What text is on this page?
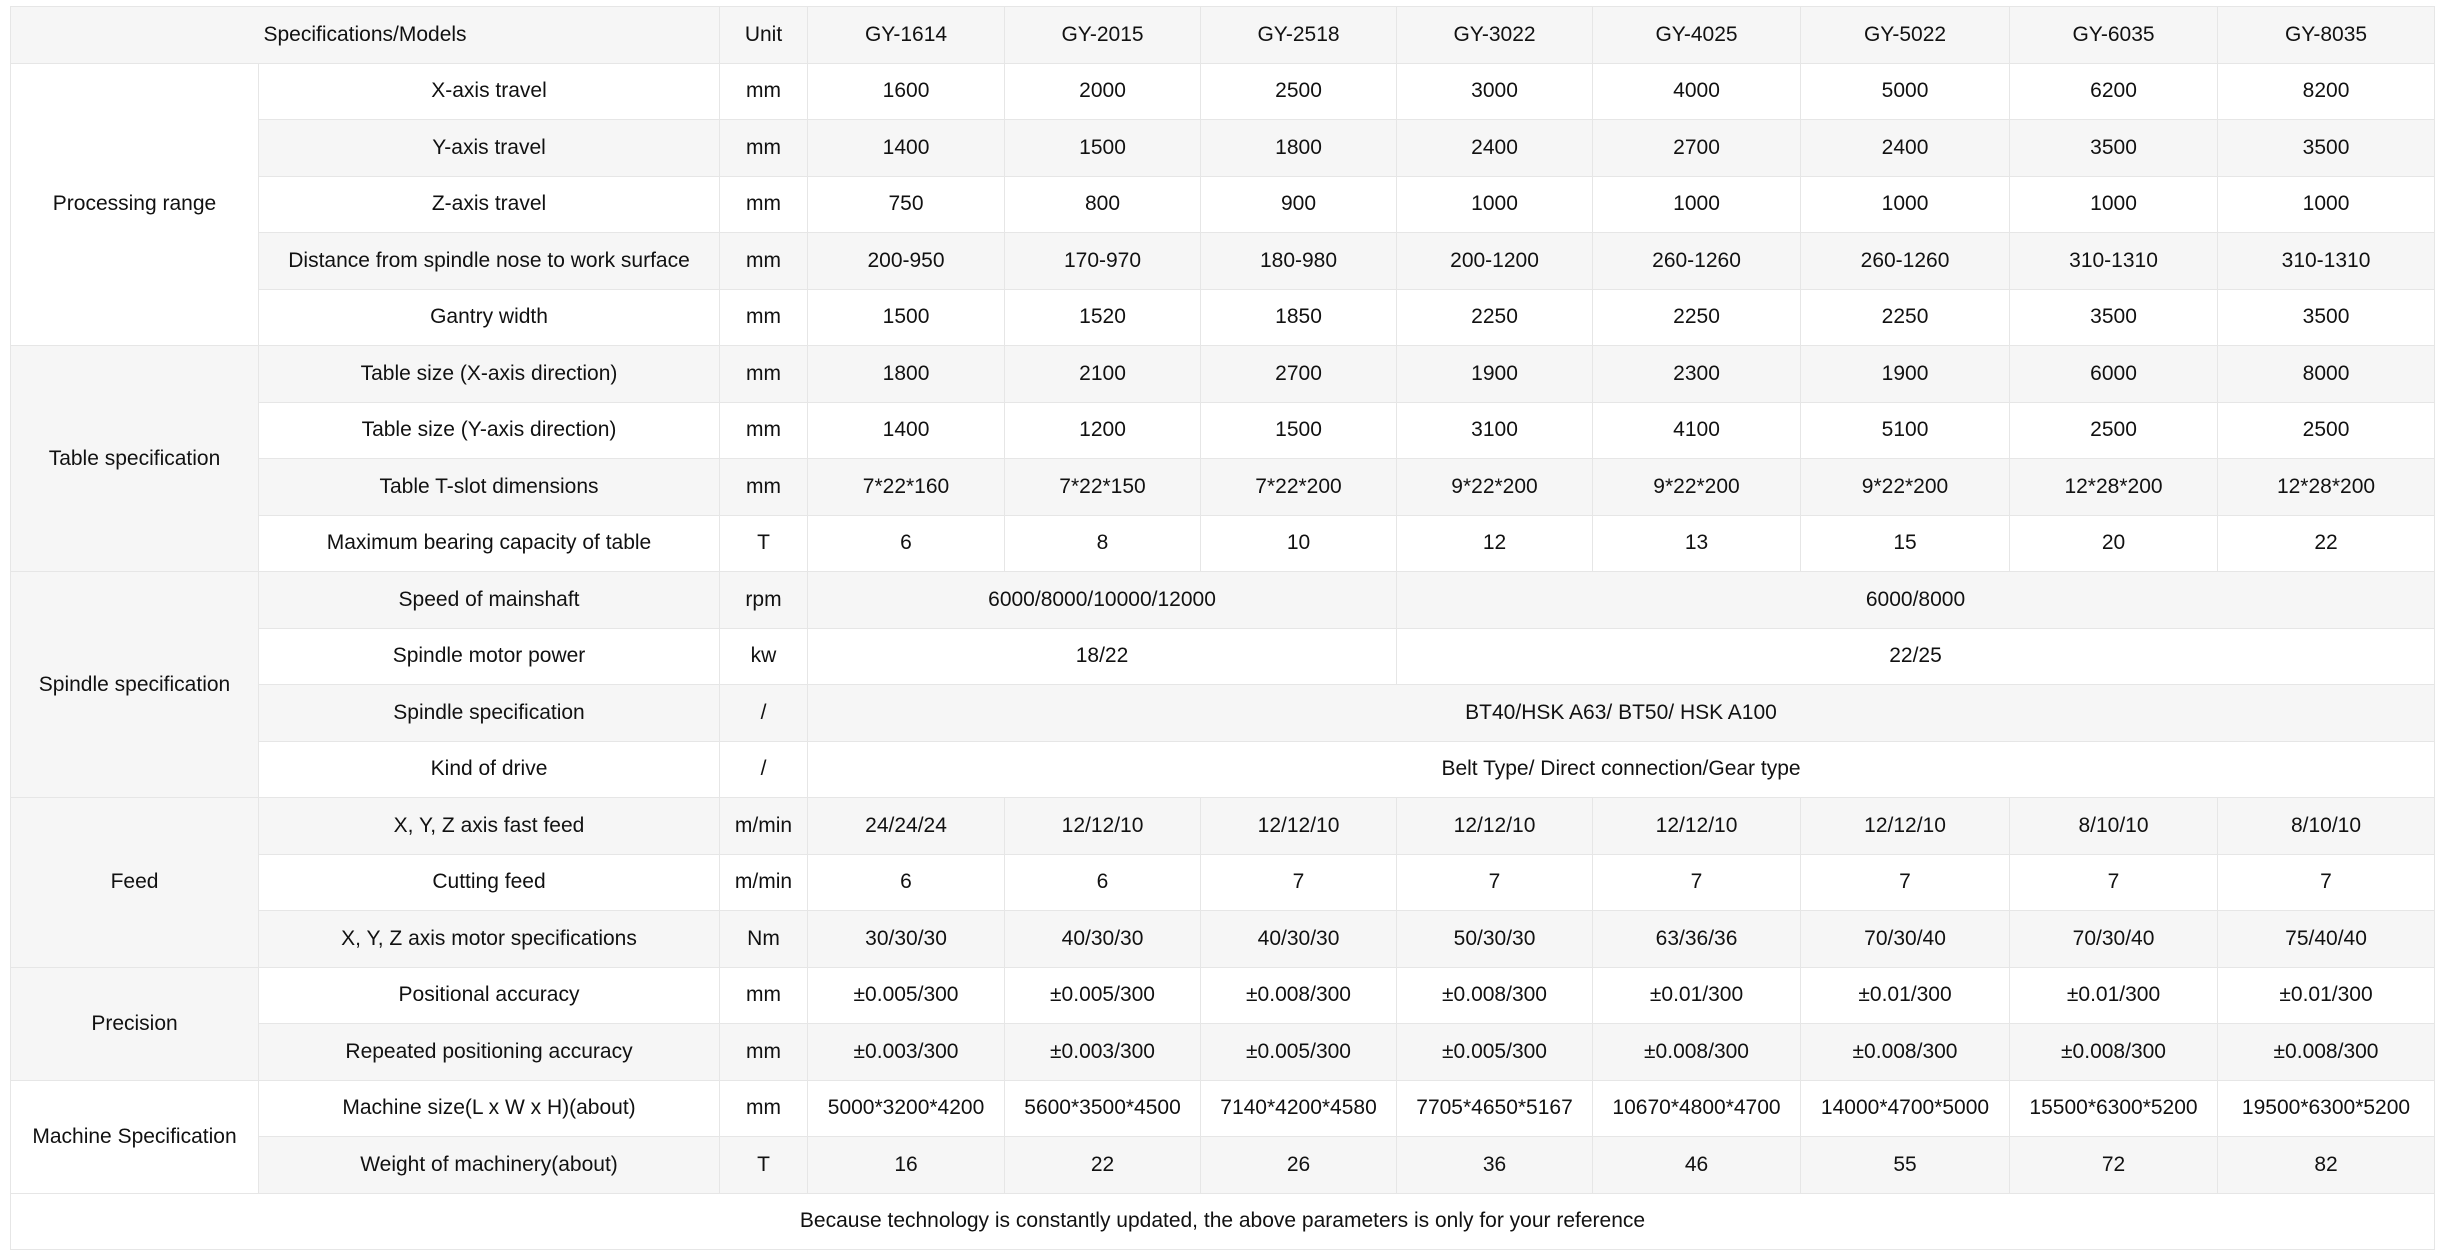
Specifications/Models		Unit	GY-1614	GY-2015	GY-2518	GY-3022	GY-4025	GY-5022	GY-6035	GY-8035
Processing range	X-axis travel	mm	1600	2000	2500	3000	4000	5000	6200	8200
	Y-axis travel	mm	1400	1500	1800	2400	2700	2400	3500	3500
	Z-axis travel	mm	750	800	900	1000	1000	1000	1000	1000
	Distance from spindle nose to work surface	mm	200-950	170-970	180-980	200-1200	260-1260	260-1260	310-1310	310-1310
	Gantry width	mm	1500	1520	1850	2250	2250	2250	3500	3500
Table specification	Table size (X-axis direction)	mm	1800	2100	2700	1900	2300	1900	6000	8000
	Table size (Y-axis direction)	mm	1400	1200	1500	3100	4100	5100	2500	2500
	Table T-slot dimensions	mm	7*22*160	7*22*150	7*22*200	9*22*200	9*22*200	9*22*200	12*28*200	12*28*200
	Maximum bearing capacity of table	T	6	8	10	12	13	15	20	22
Spindle specification	Speed of mainshaft	rpm	6000/8000/10000/12000			6000/8000				
	Spindle motor power	kw	18/22			22/25				
	Spindle specification	/	BT40/HSK A63/ BT50/ HSK A100							
	Kind of drive	/	Belt Type/ Direct connection/Gear type							
Feed	X, Y, Z axis fast feed	m/min	24/24/24	12/12/10	12/12/10	12/12/10	12/12/10	12/12/10	8/10/10	8/10/10
	Cutting feed	m/min	6	6	7	7	7	7	7	7
	X, Y, Z axis motor specifications	Nm	30/30/30	40/30/30	40/30/30	50/30/30	63/36/36	70/30/40	70/30/40	75/40/40
Precision	Positional accuracy	mm	±0.005/300	±0.005/300	±0.008/300	±0.008/300	±0.01/300	±0.01/300	±0.01/300	±0.01/300
	Repeated positioning accuracy	mm	±0.003/300	±0.003/300	±0.005/300	±0.005/300	±0.008/300	±0.008/300	±0.008/300	±0.008/300
Machine Specification	Machine size(L x W x H)(about)	mm	5000*3200*4200	5600*3500*4500	7140*4200*4580	7705*4650*5167	10670*4800*4700	14000*4700*5000	15500*6300*5200	19500*6300*5200
	Weight of machinery(about)	T	16	22	26	36	46	55	72	82
Because technology is constantly updated, the above parameters is only for your reference										
